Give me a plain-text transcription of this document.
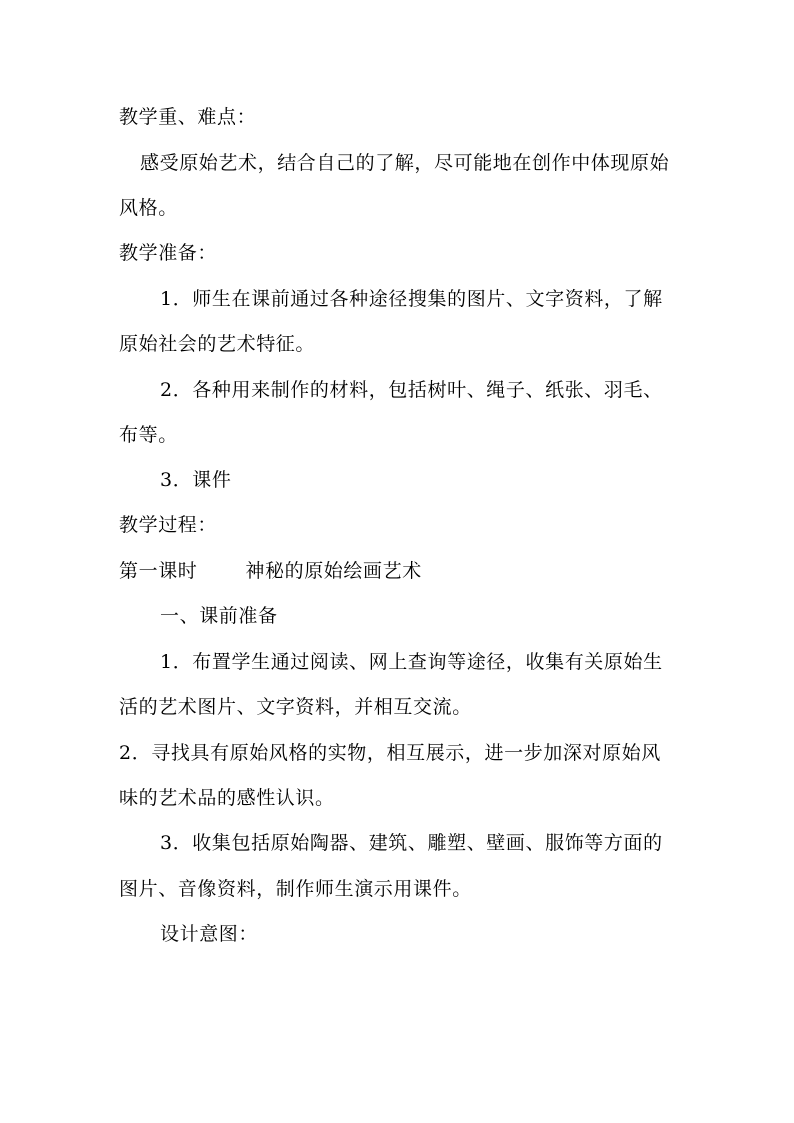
教学重、难点：
感受原始艺术，结合自己的了解，尽可能地在创作中体现原始
风格。
教学准备：
1．师生在课前通过各种途径搜集的图片、文字资料，了解
原始社会的艺术特征。
2．各种用来制作的材料，包括树叶、绳子、纸张、羽毛、
布等。
3．课件
教学过程：
第一课时	神秘的原始绘画艺术
一、课前准备
1．布置学生通过阅读、网上查询等途径，收集有关原始生
活的艺术图片、文字资料，并相互交流。
2．寻找具有原始风格的实物，相互展示，进一步加深对原始风
味的艺术品的感性认识。
3．收集包括原始陶器、建筑、雕塑、壁画、服饰等方面的
图片、音像资料，制作师生演示用课件。
设计意图：
